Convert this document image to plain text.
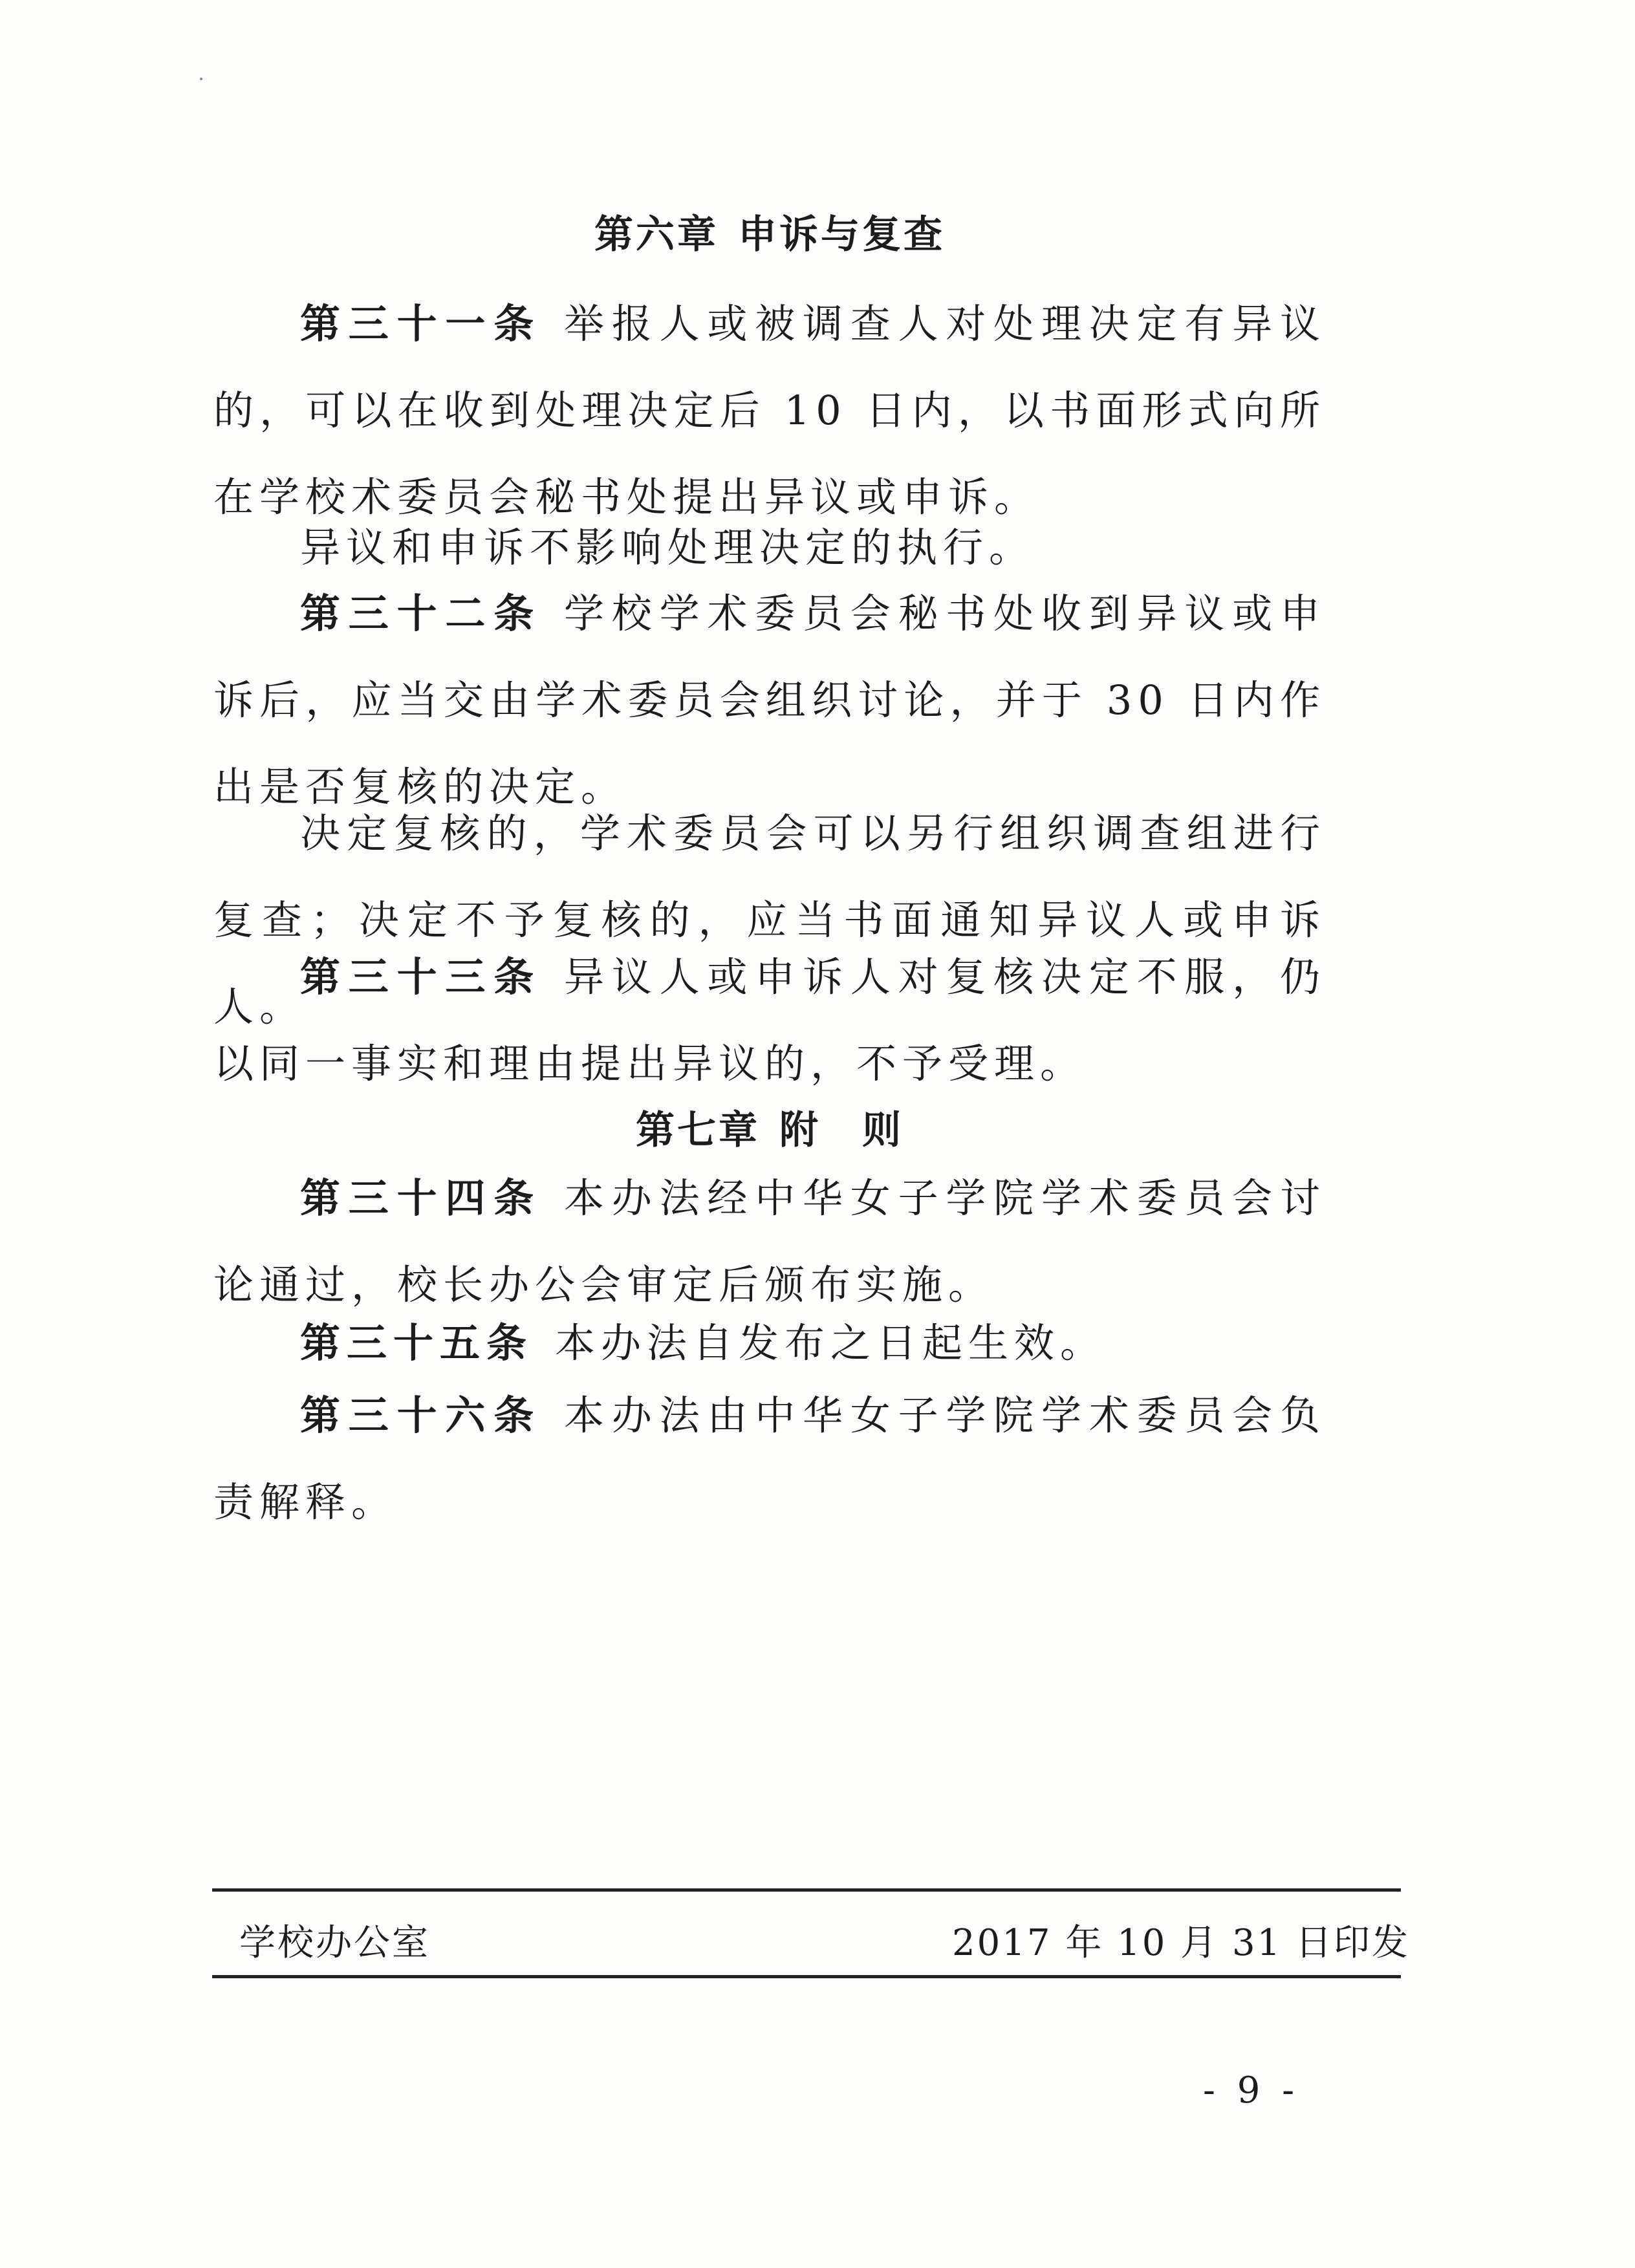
第六章 申诉与复查
第三十一条 举报人或被调查人对处理决定有异议的，可以在收到处理决定后 10 日内，以书面形式向所在学校术委员会秘书处提出异议或申诉。
异议和申诉不影响处理决定的执行。
第三十二条 学校学术委员会秘书处收到异议或申诉后，应当交由学术委员会组织讨论，并于 30 日内作出是否复核的决定。
决定复核的，学术委员会可以另行组织调查组进行复查；决定不予复核的，应当书面通知异议人或申诉人。
第三十三条 异议人或申诉人对复核决定不服，仍以同一事实和理由提出异议的，不予受理。
第七章 附　则
第三十四条 本办法经中华女子学院学术委员会讨论通过，校长办公会审定后颁布实施。
第三十五条 本办法自发布之日起生效。
第三十六条 本办法由中华女子学院学术委员会负责解释。
学校办公室	2017 年 10 月 31 日印发
- 9 -
